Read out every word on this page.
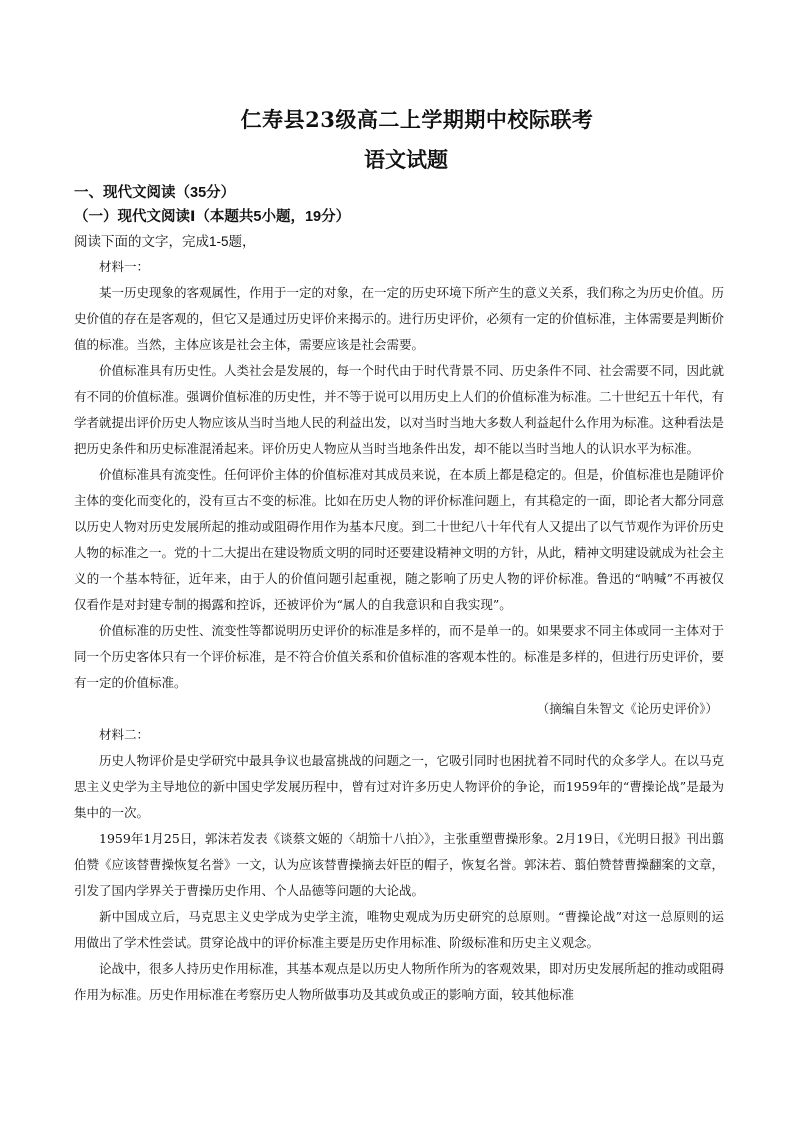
仁寿县23级高二上学期期中校际联考
语文试题

一、现代文阅读（35分）

（一）现代文阅读Ⅰ（本题共5小题，19分）

阅读下面的文字，完成1-5题，

材料一：

某一历史现象的客观属性，作用于一定的对象，在一定的历史环境下所产生的意义关系，我们称之为历史价值。历史价值的存在是客观的，但它又是通过历史评价来揭示的。进行历史评价，必须有一定的价值标准，主体需要是判断价值的标准。当然，主体应该是社会主体，需要应该是社会需要。

价值标准具有历史性。人类社会是发展的，每一个时代由于时代背景不同、历史条件不同、社会需要不同，因此就有不同的价值标准。强调价值标准的历史性，并不等于说可以用历史上人们的价值标准为标准。二十世纪五十年代，有学者就提出评价历史人物应该从当时当地人民的利益出发，以对当时当地大多数人利益起什么作用为标准。这种看法是把历史条件和历史标准混淆起来。评价历史人物应从当时当地条件出发，却不能以当时当地人的认识水平为标准。

价值标准具有流变性。任何评价主体的价值标准对其成员来说，在本质上都是稳定的。但是，价值标准也是随评价主体的变化而变化的，没有亘古不变的标准。比如在历史人物的评价标准问题上，有其稳定的一面，即论者大都分同意以历史人物对历史发展所起的推动或阻碍作用作为基本尺度。到二十世纪八十年代有人又提出了以气节观作为评价历史人物的标准之一。党的十二大提出在建设物质文明的同时还要建设精神文明的方针，从此，精神文明建设就成为社会主义的一个基本特征，近年来，由于人的价值问题引起重视，随之影响了历史人物的评价标准。鲁迅的“呐喊”不再被仅仅看作是对封建专制的揭露和控诉，还被评价为“属人的自我意识和自我实现”。

价值标准的历史性、流变性等都说明历史评价的标准是多样的，而不是单一的。如果要求不同主体或同一主体对于同一个历史客体只有一个评价标准，是不符合价值关系和价值标准的客观本性的。标准是多样的，但进行历史评价，要有一定的价值标准。

（摘编自朱智文《论历史评价》）

材料二：

历史人物评价是史学研究中最具争议也最富挑战的问题之一，它吸引同时也困扰着不同时代的众多学人。在以马克思主义史学为主导地位的新中国史学发展历程中，曾有过对许多历史人物评价的争论，而1959年的“曹操论战”是最为集中的一次。

1959年1月25日，郭沫若发表《谈蔡文姬的〈胡笳十八拍〉》，主张重塑曹操形象。2月19日，《光明日报》刊出翦伯赞《应该替曹操恢复名誉》一文，认为应该替曹操摘去奸臣的帽子，恢复名誉。郭沫若、翦伯赞替曹操翻案的文章，引发了国内学界关于曹操历史作用、个人品德等问题的大论战。

新中国成立后，马克思主义史学成为史学主流，唯物史观成为历史研究的总原则。“曹操论战”对这一总原则的运用做出了学术性尝试。贯穿论战中的评价标准主要是历史作用标准、阶级标准和历史主义观念。

论战中，很多人持历史作用标准，其基本观点是以历史人物所作所为的客观效果，即对历史发展所起的推动或阻碍作用为标准。历史作用标准在考察历史人物所做事功及其或负或正的影响方面，较其他标准
